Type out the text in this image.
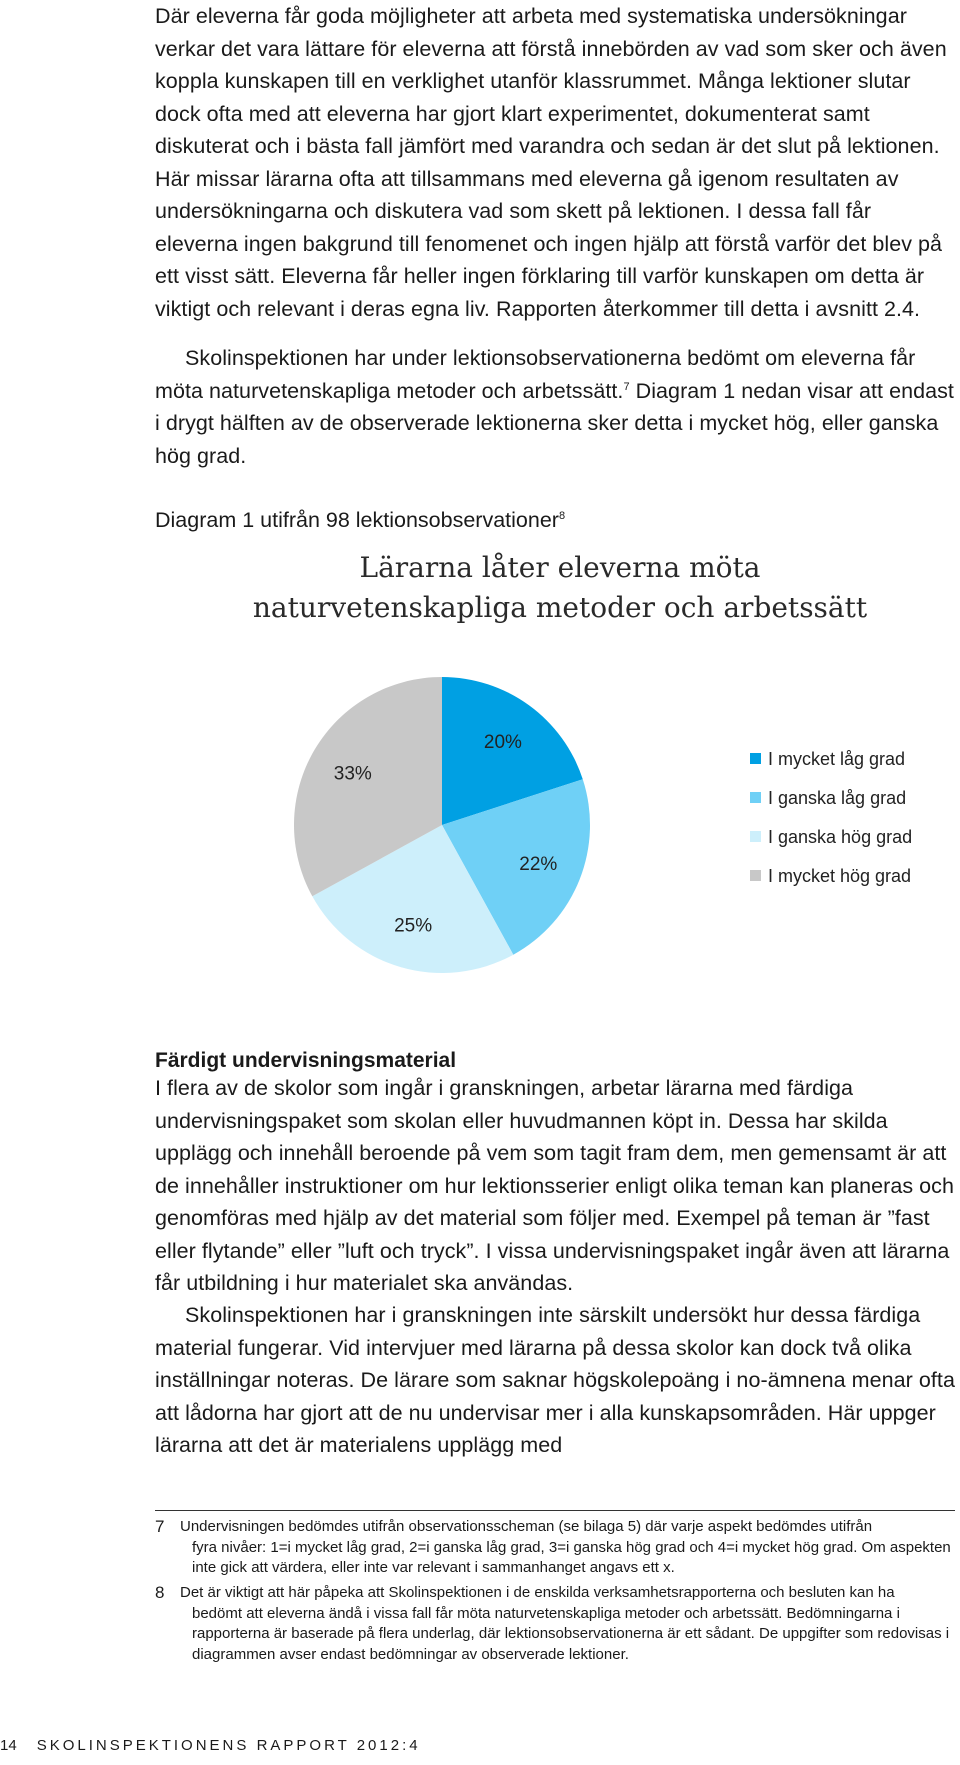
Där eleverna får goda möjligheter att arbeta med systematiska undersökningar verkar det vara lättare för eleverna att förstå innebörden av vad som sker och även koppla kunskapen till en verklighet utanför klassrummet. Många lektioner slutar dock ofta med att eleverna har gjort klart experimentet, dokumenterat samt diskuterat och i bästa fall jämfört med varandra och sedan är det slut på lektionen. Här missar lärarna ofta att tillsammans med eleverna gå igenom resultaten av undersökningarna och diskutera vad som skett på lektionen. I dessa fall får eleverna ingen bakgrund till fenomenet och ingen hjälp att förstå varför det blev på ett visst sätt. Eleverna får heller ingen förklaring till varför kunskapen om detta är viktigt och relevant i deras egna liv. Rapporten återkommer till detta i avsnitt 2.4.

Skolinspektionen har under lektionsobservationerna bedömt om eleverna får möta naturvetenskapliga metoder och arbetssätt.$^7$ Diagram 1 nedan visar att endast i drygt hälften av de observerade lektionerna sker detta i mycket hög, eller ganska hög grad.

Diagram 1 utifrån 98 lektionsobservationer$^8$

Lärarna låter eleverna möta
naturvetenskapliga metoder och arbetssätt
20%
22%
25%
33%
I mycket låg grad
I ganska låg grad
I ganska hög grad
I mycket hög grad
Färdigt undervisningsmaterial

I flera av de skolor som ingår i granskningen, arbetar lärarna med färdiga undervisningspaket som skolan eller huvudmannen köpt in. Dessa har skilda upplägg och innehåll beroende på vem som tagit fram dem, men gemensamt är att de innehåller instruktioner om hur lektionsserier enligt olika teman kan planeras och genomföras med hjälp av det material som följer med. Exempel på teman är ”fast eller flytande” eller ”luft och tryck”. I vissa undervisningspaket ingår även att lärarna får utbildning i hur materialet ska användas.

Skolinspektionen har i granskningen inte särskilt undersökt hur dessa färdiga material fungerar. Vid intervjuer med lärarna på dessa skolor kan dock två olika inställningar noteras. De lärare som saknar högskolepoäng i no-ämnena menar ofta att lådorna har gjort att de nu undervisar mer i alla kunskapsområden. Här uppger lärarna att det är materialens upplägg med

7	Undervisningen bedömdes utifrån observationsscheman (se bilaga 5) där varje aspekt bedömdes utifrån
fyra nivåer: 1=i mycket låg grad, 2=i ganska låg grad, 3=i ganska hög grad och 4=i mycket hög grad. Om aspekten inte gick att värdera, eller inte var relevant i sammanhanget angavs ett x.
8	Det är viktigt att här påpeka att Skolinspektionen i de enskilda verksamhetsrapporterna och besluten kan ha
bedömt att eleverna ändå i vissa fall får möta naturvetenskapliga metoder och arbetssätt. Bedömningarna i rapporterna är baserade på flera underlag, där lektionsobservationerna är ett sådant. De uppgifter som redovisas i diagrammen avser endast bedömningar av observerade lektioner.
14 SKOLINSPEKTIONENS RAPPORT 2012:4
